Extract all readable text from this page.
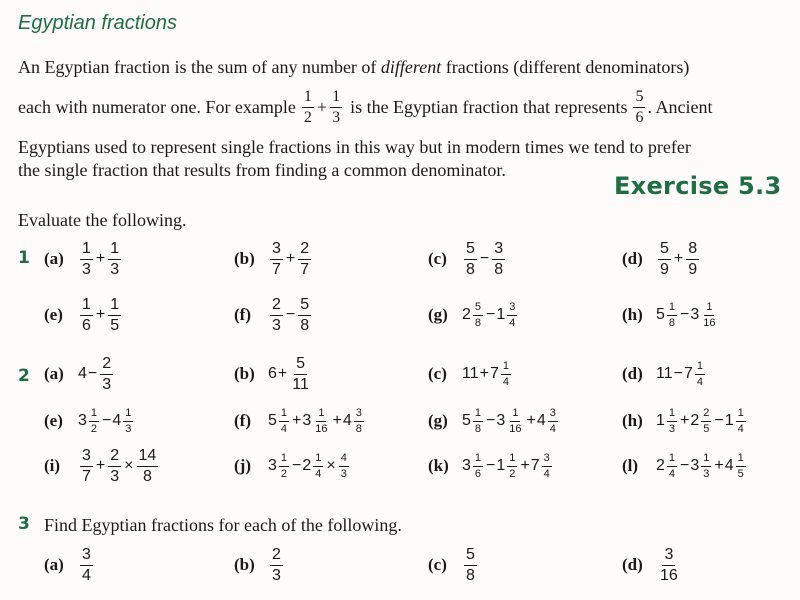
Egyptian fractions
An Egyptian fraction is the sum of any number of different fractions (different denominators)
each with numerator one. For example $\frac{1}{2} + \frac{1}{3}$ is the Egyptian fraction that represents $\frac{5}{6}$ . Ancient
Egyptians used to represent single fractions in this way but in modern times we tend to prefer
the single fraction that results from finding a common denominator.
Exercise 5.3
Evaluate the following.
1
2
3 Find Egyptian fractions for each of the following.
(a)	$\frac{1}{3} + \frac{1}{3}$	$(b) \frac{3}{7} + \frac{2}{7}$	(c)	$\frac{5}{8} - \frac{3}{8}$	$(d) \frac{5}{9} + \frac{8}{9}$
(e)	$\frac{1}{6} + \frac{1}{5}$	(f)	$\frac{2}{3} - \frac{5}{8}$	(g) $2 \frac{5}{8} - 1 \frac{3}{4}$	(h) $5 \frac{1}{8} - 3 \frac{1}{16}$
(a) $4 - \frac{2}{3}$	(b) $6 + \frac{5}{11}$	(c) $11 + 7 \frac{1}{4}$	(d) $11 - 7 \frac{1}{4}$
(e) $3 \frac{1}{2} - 4 \frac{1}{3}$	(f)	$5 \frac{1}{4} + 3 \frac{1}{16} + 4 \frac{3}{8}$	(g) $5 \frac{1}{8} - 3 \frac{1}{16} + 4 \frac{3}{4}$	(h) $1 \frac{1}{3} + 2 \frac{2}{5} - 1 \frac{1}{4}$
(i)	$\frac{3}{7} + \frac{2}{3} \times \frac{14}{8}$	(j)	$3 \frac{1}{2} - 2 \frac{1}{4} \times \frac{4}{3}$	(k) $3 \frac{1}{6} - 1 \frac{1}{2} + 7 \frac{3}{4}$	(l)	$2 \frac{1}{4} - 3 \frac{1}{3} + 4 \frac{1}{5}$
(a)	$\frac{3}{4}$	$(b) \frac{2}{3}$	(c)	$\frac{5}{8}$	$(d) \frac{3}{16}$
